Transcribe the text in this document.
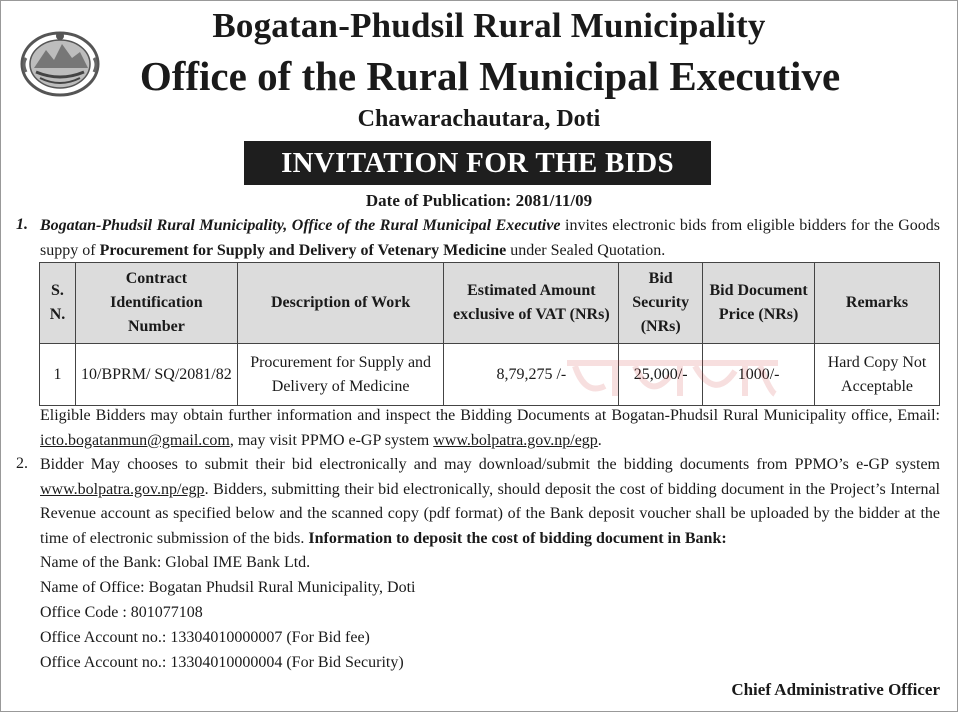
Bogatan-Phudsil Rural Municipality
Office of the Rural Municipal Executive
Chawarachautara, Doti
INVITATION FOR THE BIDS
Date of Publication: 2081/11/09
1. Bogatan-Phudsil Rural Municipality, Office of the Rural Municipal Executive invites electronic bids from eligible bidders for the Goods suppy of Procurement for Supply and Delivery of Vetenary Medicine under Sealed Quotation.
S. N.	Contract Identification Number	Description of Work	Estimated Amount exclusive of VAT (NRs)	Bid Security (NRs)	Bid Document Price (NRs)	Remarks
1	10/BPRM/ SQ/2081/82	Procurement for Supply and Delivery of Medicine	8,79,275 /-	25,000/-	1000/-	Hard Copy Not Acceptable
Eligible Bidders may obtain further information and inspect the Bidding Documents at Bogatan-Phudsil Rural Municipality office, Email: icto.bogatanmun@gmail.com, may visit PPMO e-GP system www.bolpatra.gov.np/egp.
2. Bidder May chooses to submit their bid electronically and may download/submit the bidding documents from PPMO’s e-GP system www.bolpatra.gov.np/egp. Bidders, submitting their bid electronically, should deposit the cost of bidding document in the Project’s Internal Revenue account as specified below and the scanned copy (pdf format) of the Bank deposit voucher shall be uploaded by the bidder at the time of electronic submission of the bids. Information to deposit the cost of bidding document in Bank:
Name of the Bank: Global IME Bank Ltd.
Name of Office: Bogatan Phudsil Rural Municipality, Doti
Office Code : 801077108
Office Account no.: 13304010000007 (For Bid fee)
Office Account no.: 13304010000004 (For Bid Security)
Chief Administrative Officer
